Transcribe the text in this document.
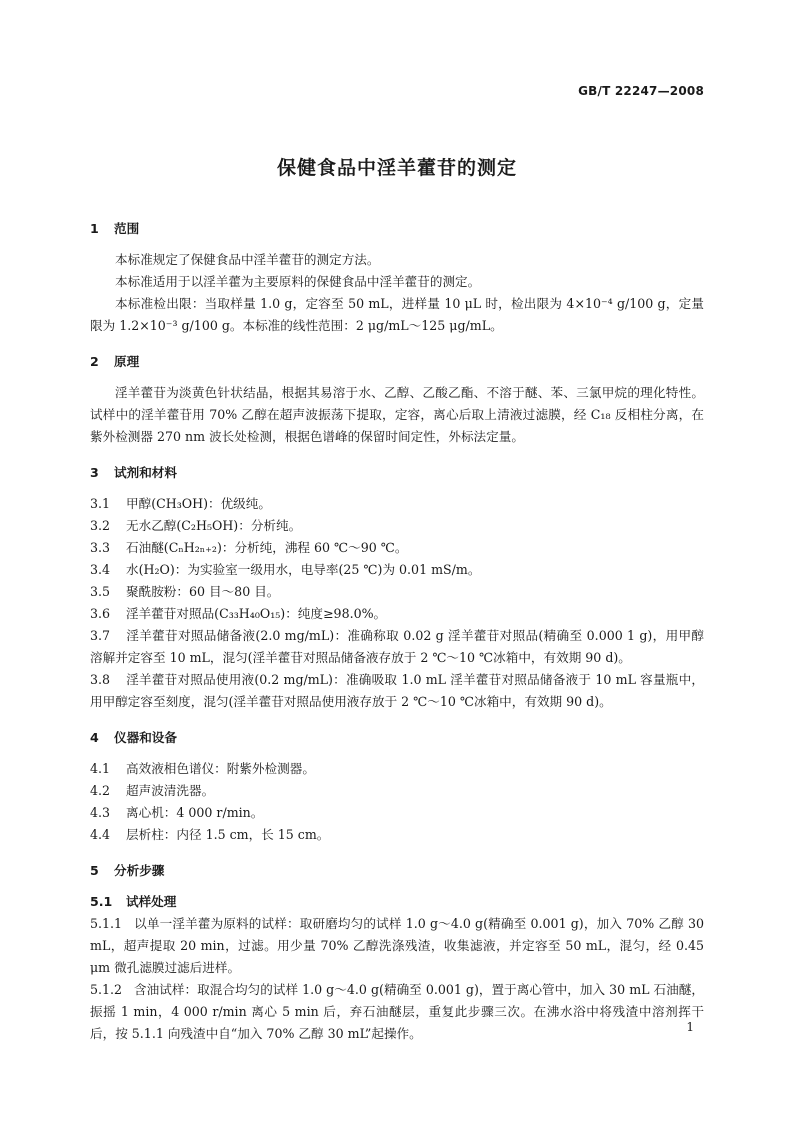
GB/T 22247—2008
保健食品中淫羊藿苷的测定
1	范围

本标准规定了保健食品中淫羊藿苷的测定方法。

本标准适用于以淫羊藿为主要原料的保健食品中淫羊藿苷的测定。

本标准检出限：当取样量 1.0 g，定容至 50 mL，进样量 10 μL 时，检出限为 4×10⁻⁴ g/100 g，定量限为 1.2×10⁻³ g/100 g。本标准的线性范围：2 μg/mL～125 μg/mL。

2	原理

淫羊藿苷为淡黄色针状结晶，根据其易溶于水、乙醇、乙酸乙酯、不溶于醚、苯、三氯甲烷的理化特性。试样中的淫羊藿苷用 70% 乙醇在超声波振荡下提取，定容，离心后取上清液过滤膜，经 C₁₈ 反相柱分离，在紫外检测器 270 nm 波长处检测，根据色谱峰的保留时间定性，外标法定量。

3	试剂和材料

3.1 甲醇(CH₃OH)：优级纯。

3.2 无水乙醇(C₂H₅OH)：分析纯。

3.3 石油醚(CₙH₂ₙ₊₂)：分析纯，沸程 60 ℃～90 ℃。

3.4 水(H₂O)：为实验室一级用水，电导率(25 ℃)为 0.01 mS/m。

3.5 聚酰胺粉：60 目～80 目。

3.6 淫羊藿苷对照品(C₃₃H₄₀O₁₅)：纯度≥98.0%。

3.7 淫羊藿苷对照品储备液(2.0 mg/mL)：准确称取 0.02 g 淫羊藿苷对照品(精确至 0.000 1 g)，用甲醇溶解并定容至 10 mL，混匀(淫羊藿苷对照品储备液存放于 2 ℃～10 ℃冰箱中，有效期 90 d)。

3.8 淫羊藿苷对照品使用液(0.2 mg/mL)：准确吸取 1.0 mL 淫羊藿苷对照品储备液于 10 mL 容量瓶中，用甲醇定容至刻度，混匀(淫羊藿苷对照品使用液存放于 2 ℃～10 ℃冰箱中，有效期 90 d)。

4	仪器和设备

4.1 高效液相色谱仪：附紫外检测器。

4.2 超声波清洗器。

4.3 离心机：4 000 r/min。

4.4 层析柱：内径 1.5 cm，长 15 cm。

5	分析步骤
5.1	试样处理

5.1.1 以单一淫羊藿为原料的试样：取研磨均匀的试样 1.0 g～4.0 g(精确至 0.001 g)，加入 70% 乙醇 30 mL，超声提取 20 min，过滤。用少量 70% 乙醇洗涤残渣，收集滤液，并定容至 50 mL，混匀，经 0.45 μm 微孔滤膜过滤后进样。

5.1.2 含油试样：取混合均匀的试样 1.0 g～4.0 g(精确至 0.001 g)，置于离心管中，加入 30 mL 石油醚，振摇 1 min，4 000 r/min 离心 5 min 后，弃石油醚层，重复此步骤三次。在沸水浴中将残渣中溶剂挥干后，按 5.1.1 向残渣中自“加入 70% 乙醇 30 mL”起操作。	1
